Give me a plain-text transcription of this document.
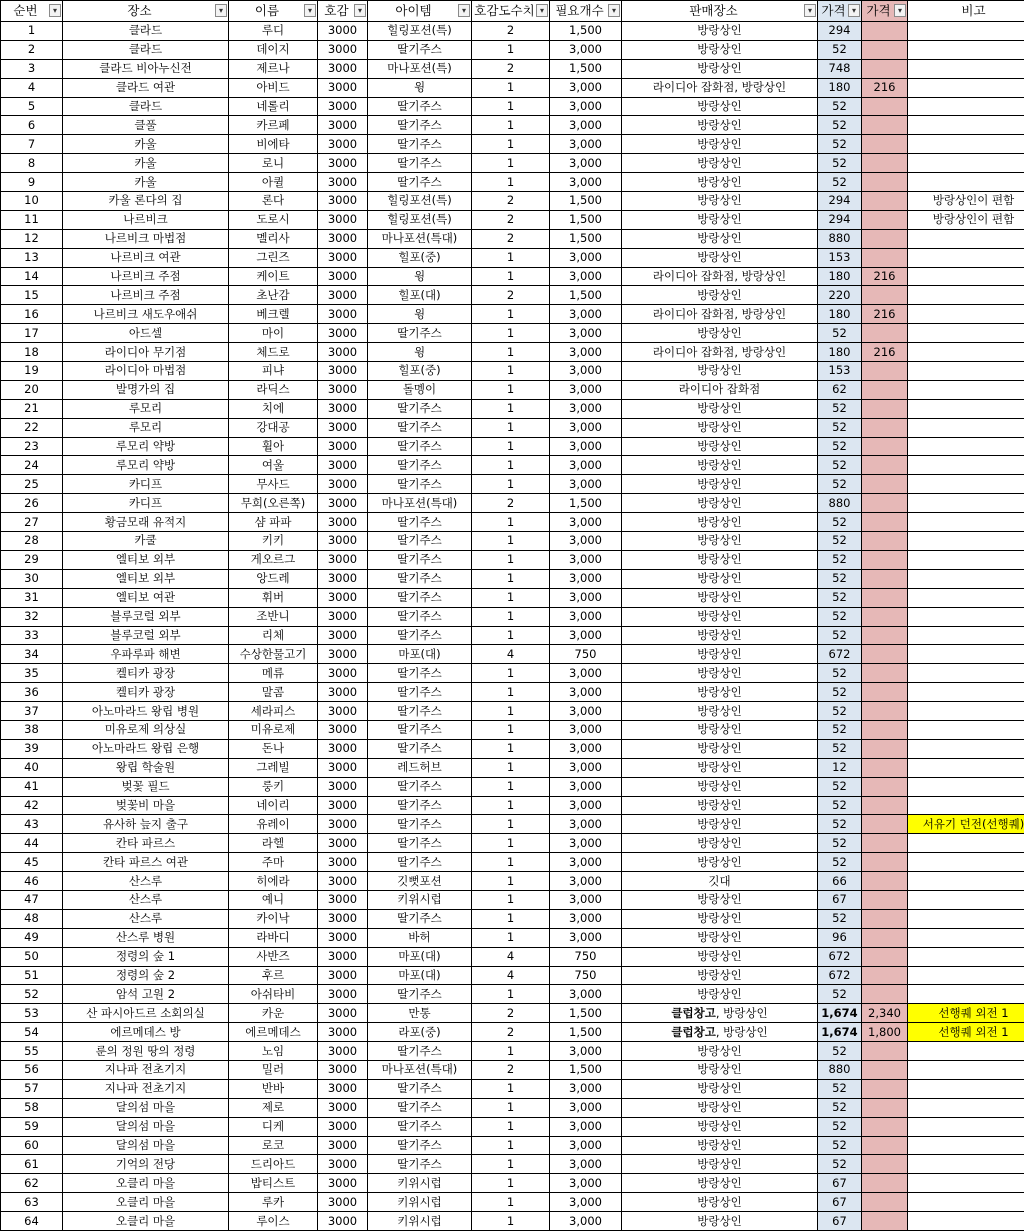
순번 ▾	장소 ▾	이름 ▾	호감 ▾	아이템 ▾	호감도수치 ▾	필요개수 ▾	판매장소 ▾	가격 ▾	가격 ▾	비고
1	클라드	루디	3000	힐링포션(특)	2	1,500	방랑상인	294		
2	클라드	데이지	3000	딸기주스	1	3,000	방랑상인	52		
3	클라드 비아누신전	제르나	3000	마나포션(특)	2	1,500	방랑상인	748		
4	클라드 여관	아비드	3000	윙	1	3,000	라이디아 잡화점, 방랑상인	180	216	
5	클라드	네롤리	3000	딸기주스	1	3,000	방랑상인	52		
6	클풀	카르페	3000	딸기주스	1	3,000	방랑상인	52		
7	카울	비에타	3000	딸기주스	1	3,000	방랑상인	52		
8	카울	로니	3000	딸기주스	1	3,000	방랑상인	52		
9	카울	아퀼	3000	딸기주스	1	3,000	방랑상인	52		
10	카울 론다의 집	론다	3000	힐링포션(특)	2	1,500	방랑상인	294		방랑상인이 편함
11	나르비크	도로시	3000	힐링포션(특)	2	1,500	방랑상인	294		방랑상인이 편함
12	나르비크 마법점	멜리사	3000	마나포션(특대)	2	1,500	방랑상인	880		
13	나르비크 여관	그린즈	3000	힐포(중)	1	3,000	방랑상인	153		
14	나르비크 주점	케이트	3000	윙	1	3,000	라이디아 잡화점, 방랑상인	180	216	
15	나르비크 주점	초난감	3000	힐포(대)	2	1,500	방랑상인	220		
16	나르비크 새도우애쉬	베크렐	3000	윙	1	3,000	라이디아 잡화점, 방랑상인	180	216	
17	아드셀	마이	3000	딸기주스	1	3,000	방랑상인	52		
18	라이디아 무기점	체드로	3000	윙	1	3,000	라이디아 잡화점, 방랑상인	180	216	
19	라이디아 마법점	피냐	3000	힐포(중)	1	3,000	방랑상인	153		
20	발명가의 집	라딕스	3000	돌멩이	1	3,000	라이디아 잡화점	62		
21	루모리	치에	3000	딸기주스	1	3,000	방랑상인	52		
22	루모리	강대공	3000	딸기주스	1	3,000	방랑상인	52		
23	루모리 약방	휠아	3000	딸기주스	1	3,000	방랑상인	52		
24	루모리 약방	여울	3000	딸기주스	1	3,000	방랑상인	52		
25	카디프	무사드	3000	딸기주스	1	3,000	방랑상인	52		
26	카디프	무희(오른쪽)	3000	마나포션(특대)	2	1,500	방랑상인	880		
27	황금모래 유적지	샴 파파	3000	딸기주스	1	3,000	방랑상인	52		
28	카쿨	키키	3000	딸기주스	1	3,000	방랑상인	52		
29	엘티보 외부	게오르그	3000	딸기주스	1	3,000	방랑상인	52		
30	엘티보 외부	앙드레	3000	딸기주스	1	3,000	방랑상인	52		
31	엘티보 여관	휘버	3000	딸기주스	1	3,000	방랑상인	52		
32	블루코럴 외부	조반니	3000	딸기주스	1	3,000	방랑상인	52		
33	블루코럴 외부	리체	3000	딸기주스	1	3,000	방랑상인	52		
34	우파루파 해변	수상한물고기	3000	마포(대)	4	750	방랑상인	672		
35	켈티카 광장	메류	3000	딸기주스	1	3,000	방랑상인	52		
36	켈티카 광장	말콤	3000	딸기주스	1	3,000	방랑상인	52		
37	아노마라드 왕립 병원	세라피스	3000	딸기주스	1	3,000	방랑상인	52		
38	미유로제 의상실	미유로제	3000	딸기주스	1	3,000	방랑상인	52		
39	아노마라드 왕립 은행	돈나	3000	딸기주스	1	3,000	방랑상인	52		
40	왕립 학술원	그레빌	3000	레드허브	1	3,000	방랑상인	12		
41	벚꽃 필드	룽키	3000	딸기주스	1	3,000	방랑상인	52		
42	벚꽃비 마을	네이리	3000	딸기주스	1	3,000	방랑상인	52		
43	유사하 늪지 출구	유레이	3000	딸기주스	1	3,000	방랑상인	52		서유기 던전(선행퀘)
44	칸타 파르스	라헬	3000	딸기주스	1	3,000	방랑상인	52		
45	칸타 파르스 여관	주마	3000	딸기주스	1	3,000	방랑상인	52		
46	산스루	히에라	3000	깃뻣포션	1	3,000	깃대	66		
47	산스루	예니	3000	키위시럽	1	3,000	방랑상인	67		
48	산스루	카이낙	3000	딸기주스	1	3,000	방랑상인	52		
49	산스루 병원	라바디	3000	바허	1	3,000	방랑상인	96		
50	정령의 숲 1	사반즈	3000	마포(대)	4	750	방랑상인	672		
51	정령의 숲 2	후르	3000	마포(대)	4	750	방랑상인	672		
52	암석 고원 2	아쉬타비	3000	딸기주스	1	3,000	방랑상인	52		
53	산 파시아드르 소회의실	카운	3000	만통	2	1,500	클럽창고, 방랑상인	1,674	2,340	선행퀘 외전 1
54	에르메데스 방	에르메데스	3000	라포(중)	2	1,500	클럽창고, 방랑상인	1,674	1,800	선행퀘 외전 1
55	룬의 정원 땅의 정령	노임	3000	딸기주스	1	3,000	방랑상인	52		
56	지나파 전초기지	밀러	3000	마나포션(특대)	2	1,500	방랑상인	880		
57	지나파 전초기지	반바	3000	딸기주스	1	3,000	방랑상인	52		
58	달의섬 마을	제로	3000	딸기주스	1	3,000	방랑상인	52		
59	달의섬 마을	디케	3000	딸기주스	1	3,000	방랑상인	52		
60	달의섬 마을	로코	3000	딸기주스	1	3,000	방랑상인	52		
61	기억의 전당	드리아드	3000	딸기주스	1	3,000	방랑상인	52		
62	오클리 마을	밥티스트	3000	키위시럽	1	3,000	방랑상인	67		
63	오클리 마을	루카	3000	키위시럽	1	3,000	방랑상인	67		
64	오클리 마을	루이스	3000	키위시럽	1	3,000	방랑상인	67		
